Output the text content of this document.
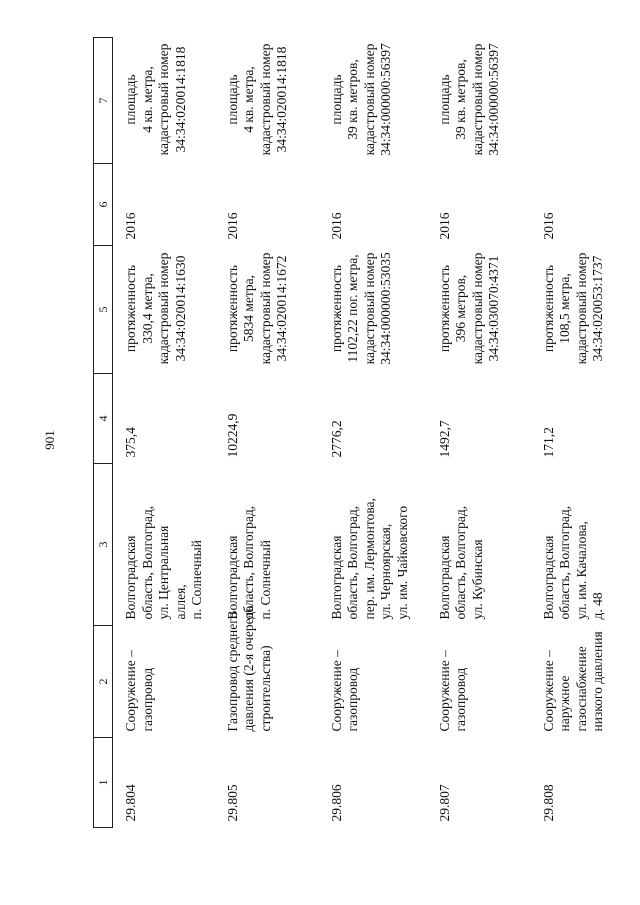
901
1	2	3	4	5	6	7
29.804	Сооружение – газопровод	Волгоградская область, Волгоград, ул. Центральная аллея, п. Солнечный	375,4	протяженность 330,4 метра, кадастровый номер 34:34:020014:1630	2016	площадь 4 кв. метра, кадастровый номер 34:34:020014:1818

29.805	Газопровод среднего давления (2-я очередь строительства)	Волгоградская область, Волгоград, п. Солнечный	10224,9	протяженность 5834 метра, кадастровый номер 34:34:020014:1672	2016	площадь 4 кв. метра, кадастровый номер 34:34:020014:1818

29.806	Сооружение – газопровод	Волгоградская область, Волгоград, пер. им. Лермонтова, ул. Черноярская, ул. им. Чайковского	2776,2	протяженность 1102,22 пог. метра, кадастровый номер 34:34:000000:53035	2016	площадь 39 кв. метров, кадастровый номер 34:34:000000:56397

29.807	Сооружение – газопровод	Волгоградская область, Волгоград, ул. Кубинская	1492,7	протяженность 396 метров, кадастровый номер 34:34:030070:4371	2016	площадь 39 кв. метров, кадастровый номер 34:34:000000:56397

29.808	Сооружение – наружное газоснабжение низкого давления	Волгоградская область, Волгоград, ул. им. Качалова, д. 48	171,2	протяженность 108,5 метра, кадастровый номер 34:34:020053:1737	2016	
